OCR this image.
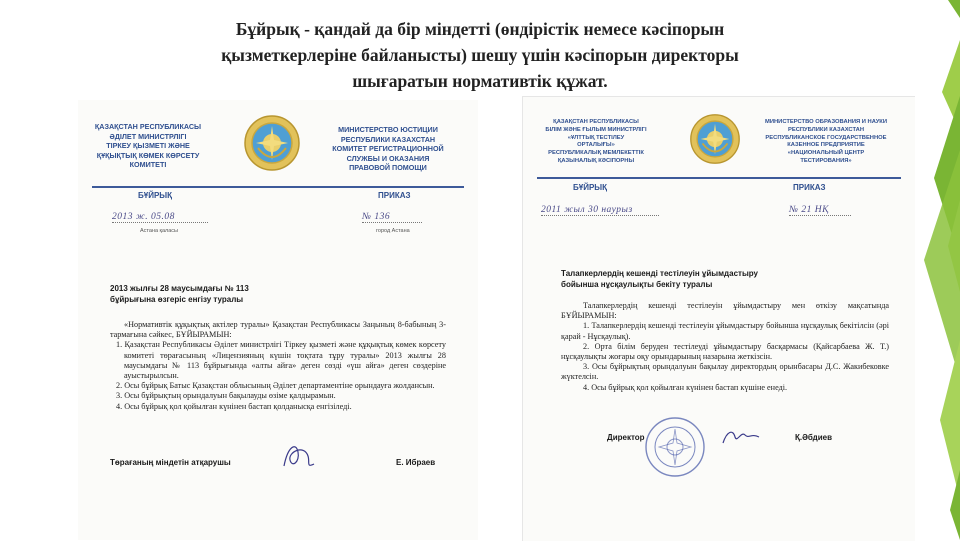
Бұйрық - қандай да бір міндетті (өндірістік немесе кәсіпорын
қызметкерлеріне байланысты) шешу үшін кәсіпорын директоры
шығаратын нормативтік құжат.
ҚАЗАҚСТАН РЕСПУБЛИКАСЫ
ӘДІЛЕТ МИНИСТРЛІГІ
ТІРКЕУ ҚЫЗМЕТІ ЖӘНЕ
ҚҰҚЫҚТЫҚ КӨМЕК КӨРСЕТУ
КОМИТЕТІ
МИНИСТЕРСТВО ЮСТИЦИИ
РЕСПУБЛИКИ КАЗАХСТАН
КОМИТЕТ РЕГИСТРАЦИОННОЙ
СЛУЖБЫ И ОКАЗАНИЯ
ПРАВОВОЙ ПОМОЩИ
БҰЙРЫҚ	ПРИКАЗ
2013 ж. 05.08	№ 136
Астана қаласы	город Астана
2013 жылғы 28 маусымдағы № 113
бұйрығына өзгеріс енгізу туралы

«Нормативтік құқықтық актілер туралы» Қазақстан Республикасы Заңының 8-бабының 3-тармағына сәйкес, БҰЙЫРАМЫН:

1. Қазақстан Республикасы Әділет министрлігі Тіркеу қызметі және құқықтық көмек көрсету комитеті төрағасының «Лицензияның күшін тоқтата тұру туралы» 2013 жылғы 28 маусымдағы № 113 бұйрығында «алты айға» деген сөзді «үш айға» деген сөздеріне ауыстырылсын.

2. Осы бұйрық Батыс Қазақстан облысының Әділет департаментіне орындауға жолдансын.

3. Осы бұйрықтың орындалуын бақылауды өзіме қалдырамын.

4. Осы бұйрық қол қойылған күнінен бастап қолданысқа енгізіледі.

Төрағаның міндетін атқарушы	Е. Ибраев
ҚАЗАҚСТАН РЕСПУБЛИКАСЫ
БІЛІМ ЖӘНЕ ҒЫЛЫМ МИНИСТРЛІГІ
«ҰЛТТЫҚ ТЕСТІЛЕУ
ОРТАЛЫҒЫ»
РЕСПУБЛИКАЛЫҚ МЕМЛЕКЕТТІК
ҚАЗЫНАЛЫҚ КӘСІПОРНЫ
МИНИСТЕРСТВО ОБРАЗОВАНИЯ И НАУКИ
РЕСПУБЛИКИ КАЗАХСТАН
РЕСПУБЛИКАНСКОЕ ГОСУДАРСТВЕННОЕ
КАЗЕННОЕ ПРЕДПРИЯТИЕ
«НАЦИОНАЛЬНЫЙ ЦЕНТР
ТЕСТИРОВАНИЯ»
БҰЙРЫҚ	ПРИКАЗ
2011 жыл 30 наурыз	№ 21 НҚ
Талапкерлердің кешенді тестілеуін ұйымдастыру
бойынша нұсқаулықты бекіту туралы

Талапкерлердің кешенді тестілеуін ұйымдастыру мен өткізу мақсатында БҰЙЫРАМЫН:

1. Талапкерлердің кешенді тестілеуін ұйымдастыру бойынша нұсқаулық бекітілсін (әрі қарай - Нұсқаулық).

2. Орта білім беруден тестілеуді ұйымдастыру басқармасы (Қайсарбаева Ж. Т.) нұсқаулықты жоғары оқу орындарының назарына жеткізсін.

3. Осы бұйрықтың орындалуын бақылау директордың орынбасары Д.С. Жакибековке жүктелсін.

4. Осы бұйрық қол қойылған күнінен бастап күшіне енеді.

Директор	Қ.Әбдиев
